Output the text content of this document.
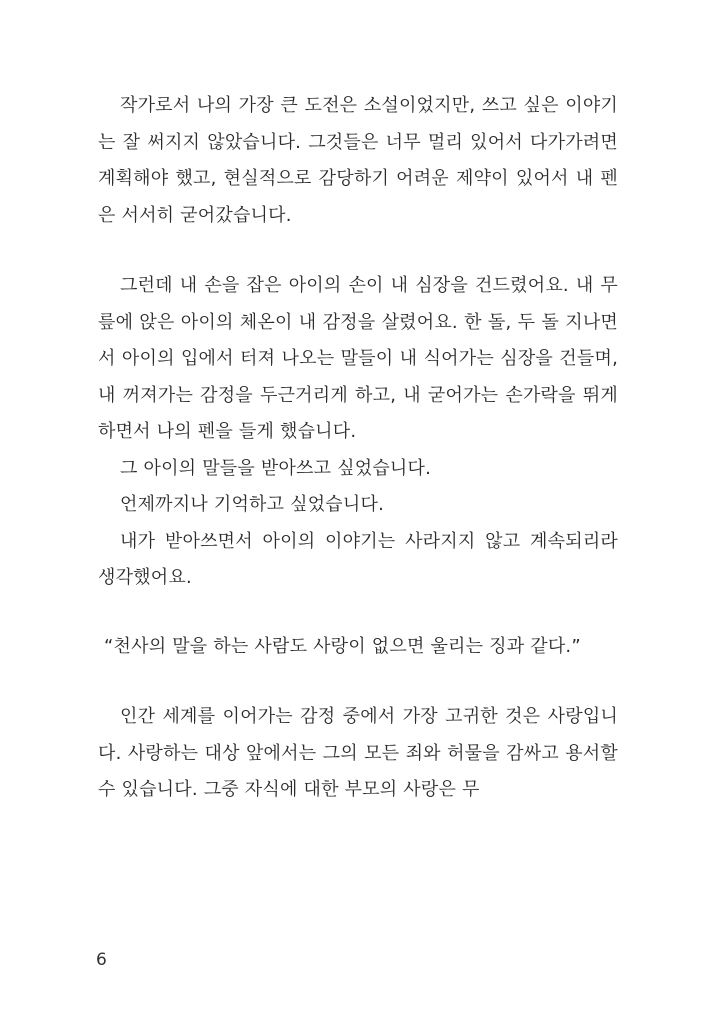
작가로서 나의 가장 큰 도전은 소설이었지만, 쓰고 싶은 이야기는 잘 써지지 않았습니다. 그것들은 너무 멀리 있어서 다가가려면 계획해야 했고, 현실적으로 감당하기 어려운 제약이 있어서 내 펜은 서서히 굳어갔습니다.

그런데 내 손을 잡은 아이의 손이 내 심장을 건드렸어요. 내 무릎에 앉은 아이의 체온이 내 감정을 살렸어요. 한 돌, 두 돌 지나면서 아이의 입에서 터져 나오는 말들이 내 식어가는 심장을 건들며, 내 꺼져가는 감정을 두근거리게 하고, 내 굳어가는 손가락을 뛰게 하면서 나의 펜을 들게 했습니다.

그 아이의 말들을 받아쓰고 싶었습니다.

언제까지나 기억하고 싶었습니다.

내가 받아쓰면서 아이의 이야기는 사라지지 않고 계속되리라 생각했어요.

“천사의 말을 하는 사람도 사랑이 없으면 울리는 징과 같다.”

인간 세계를 이어가는 감정 중에서 가장 고귀한 것은 사랑입니다. 사랑하는 대상 앞에서는 그의 모든 죄와 허물을 감싸고 용서할 수 있습니다. 그중 자식에 대한 부모의 사랑은 무

6
